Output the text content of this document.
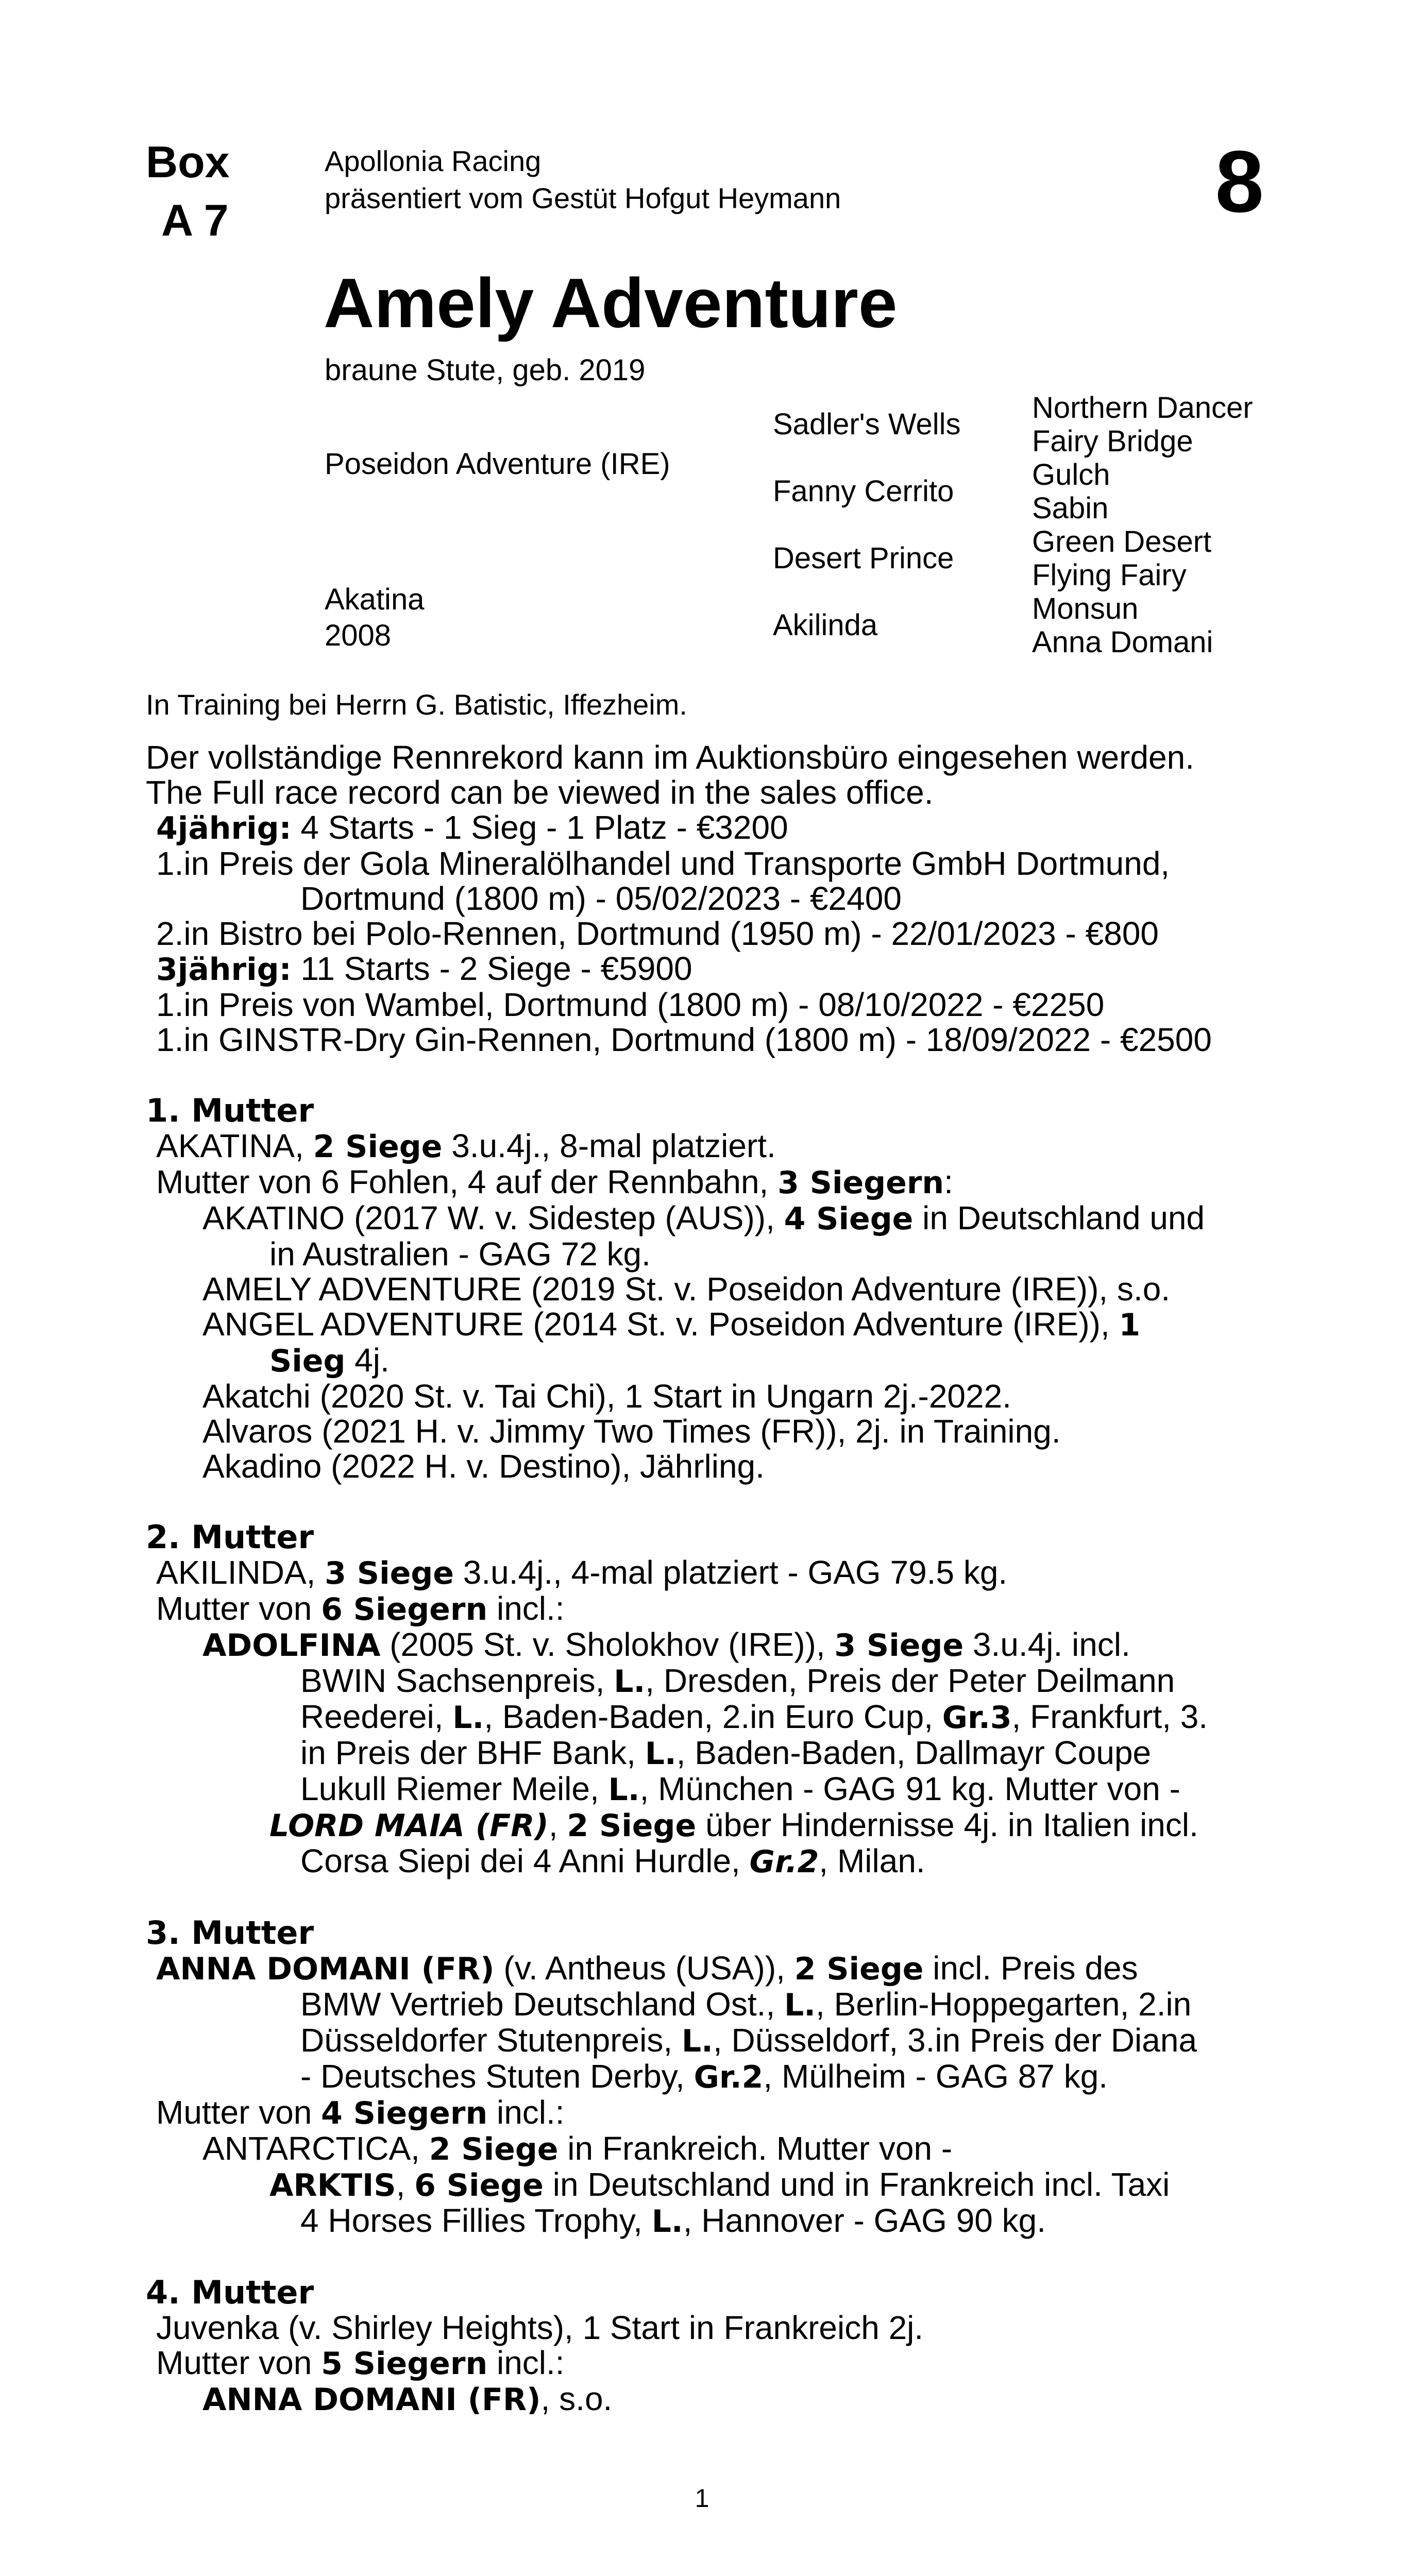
Box
A 7	8
Apollonia Racing
präsentiert vom Gestüt Hofgut Heymann
Amely Adventure
braune Stute, geb. 2019
Poseidon Adventure (IRE)
Akatina
2008
Sadler's Wells
Fanny Cerrito
Desert Prince
Akilinda
Northern Dancer
Fairy Bridge
Gulch
Sabin
Green Desert
Flying Fairy
Monsun
Anna Domani

In Training bei Herrn G. Batistic, Iffezheim.

Der vollständige Rennrekord kann im Auktionsbüro eingesehen werden.

The Full race record can be viewed in the sales office.

4jährig: 4 Starts - 1 Sieg - 1 Platz - €3200

1.in Preis der Gola Mineralölhandel und Transporte GmbH Dortmund,

Dortmund (1800 m) - 05/02/2023 - €2400

2.in Bistro bei Polo-Rennen, Dortmund (1950 m) - 22/01/2023 - €800

3jährig: 11 Starts - 2 Siege - €5900

1.in Preis von Wambel, Dortmund (1800 m) - 08/10/2022 - €2250

1.in GINSTR-Dry Gin-Rennen, Dortmund (1800 m) - 18/09/2022 - €2500

1. Mutter

AKATINA, 2 Siege 3.u.4j., 8-mal platziert.

Mutter von 6 Fohlen, 4 auf der Rennbahn, 3 Siegern:

AKATINO (2017 W. v. Sidestep (AUS)), 4 Siege in Deutschland und

in Australien - GAG 72 kg.

AMELY ADVENTURE (2019 St. v. Poseidon Adventure (IRE)), s.o.

ANGEL ADVENTURE (2014 St. v. Poseidon Adventure (IRE)), 1

Sieg 4j.

Akatchi (2020 St. v. Tai Chi), 1 Start in Ungarn 2j.-2022.

Alvaros (2021 H. v. Jimmy Two Times (FR)), 2j. in Training.

Akadino (2022 H. v. Destino), Jährling.

2. Mutter

AKILINDA, 3 Siege 3.u.4j., 4-mal platziert - GAG 79.5 kg.

Mutter von 6 Siegern incl.:

ADOLFINA (2005 St. v. Sholokhov (IRE)), 3 Siege 3.u.4j. incl.

BWIN Sachsenpreis, L., Dresden, Preis der Peter Deilmann

Reederei, L., Baden-Baden, 2.in Euro Cup, Gr.3, Frankfurt, 3.

in Preis der BHF Bank, L., Baden-Baden, Dallmayr Coupe

Lukull Riemer Meile, L., München - GAG 91 kg. Mutter von -

LORD MAIA (FR), 2 Siege über Hindernisse 4j. in Italien incl.

Corsa Siepi dei 4 Anni Hurdle, Gr.2, Milan.

3. Mutter

ANNA DOMANI (FR) (v. Antheus (USA)), 2 Siege incl. Preis des

BMW Vertrieb Deutschland Ost., L., Berlin-Hoppegarten, 2.in

Düsseldorfer Stutenpreis, L., Düsseldorf, 3.in Preis der Diana

- Deutsches Stuten Derby, Gr.2, Mülheim - GAG 87 kg.

Mutter von 4 Siegern incl.:

ANTARCTICA, 2 Siege in Frankreich. Mutter von -

ARKTIS, 6 Siege in Deutschland und in Frankreich incl. Taxi

4 Horses Fillies Trophy, L., Hannover - GAG 90 kg.

4. Mutter

Juvenka (v. Shirley Heights), 1 Start in Frankreich 2j.

Mutter von 5 Siegern incl.:

ANNA DOMANI (FR), s.o.

1
